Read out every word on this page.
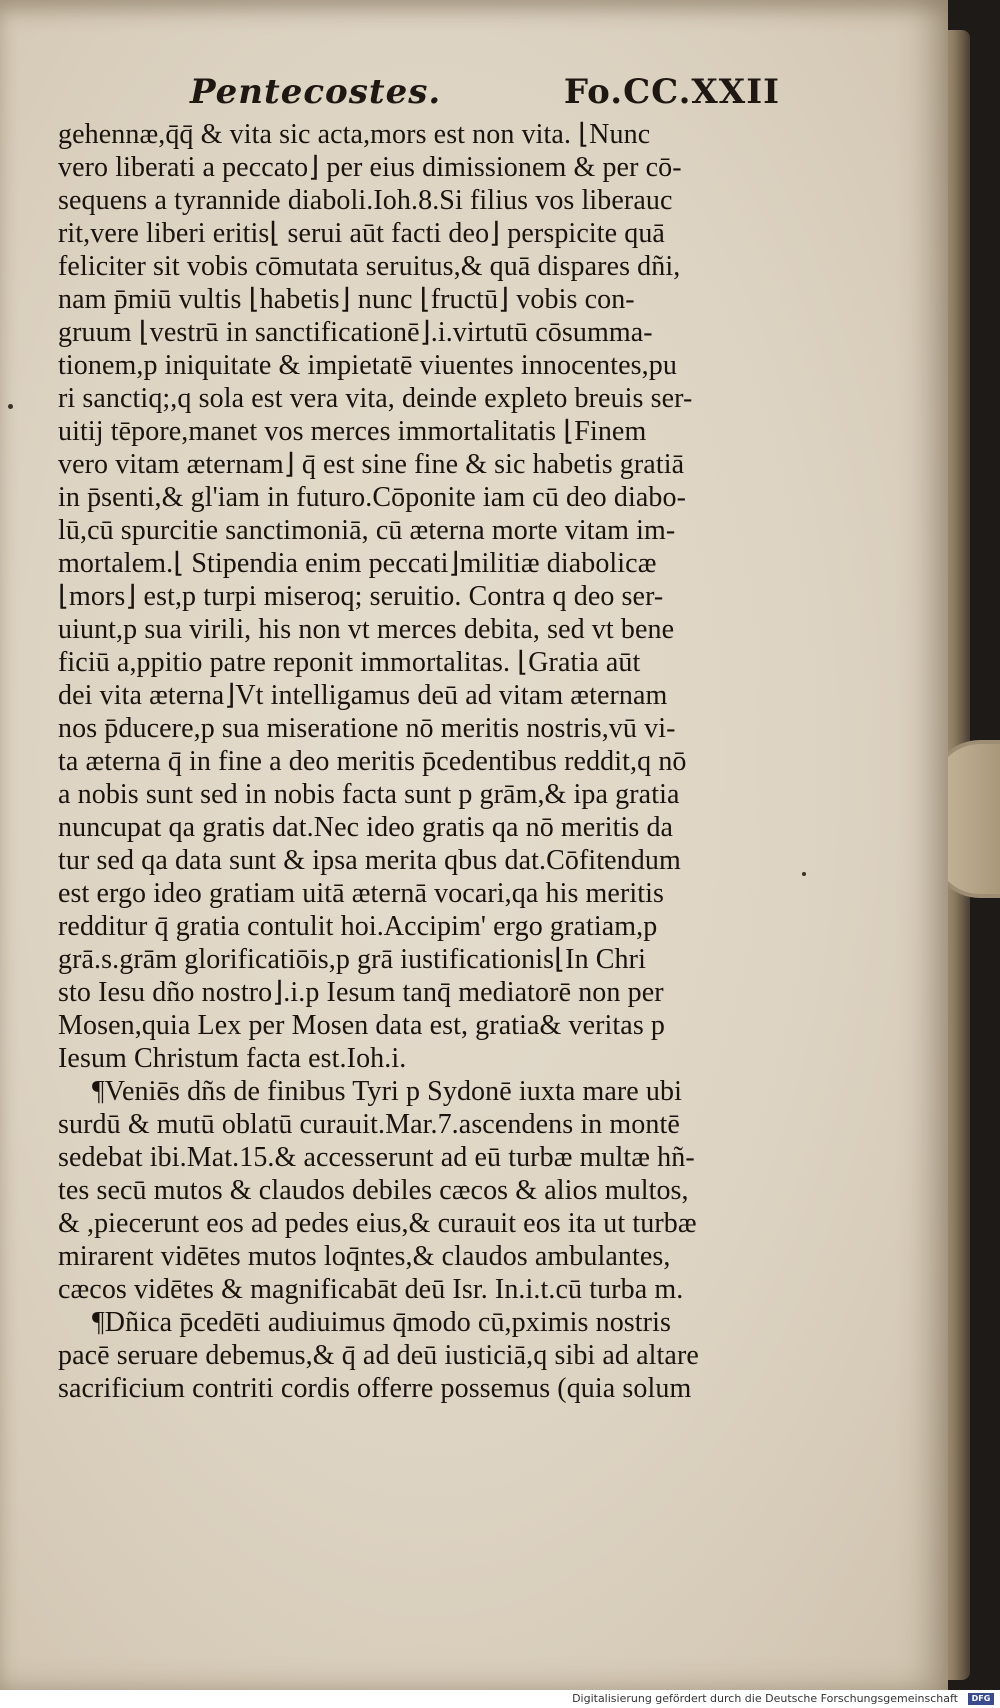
Pentecostes.	Fo.CC.XXII
gehennæ,q̄q̄ & vita sic acta,mors est non vita. ⌊Nunc
vero liberati a peccato⌋ per eius dimissionem & per cō-
sequens a tyrannide diaboli.Ioh.8.Si filius vos liberauc
rit,vere liberi eritis⌊ serui aūt facti deo⌋ perspicite quā
feliciter sit vobis cōmutata seruitus,& quā dispares dñi,
nam p̄miū vultis ⌊habetis⌋ nunc ⌊fructū⌋ vobis con-
gruum ⌊vestrū in sanctificationē⌋.i.virtutū cōsumma-
tionem,p iniquitate & impietatē viuentes innocentes,pu
ri sanctiq;,q sola est vera vita, deinde expleto breuis ser-
uitij tēpore,manet vos merces immortalitatis ⌊Finem
vero vitam æternam⌋ q̄ est sine fine & sic habetis gratiā
in p̄senti,& gl'iam in futuro.Cōponite iam cū deo diabo-
lū,cū spurcitie sanctimoniā, cū æterna morte vitam im-
mortalem.⌊ Stipendia enim peccati⌋militiæ diabolicæ
⌊mors⌋ est,p turpi miseroq; seruitio. Contra q deo ser-
uiunt,p sua virili, his non vt merces debita, sed vt bene
ficiū a,ppitio patre reponit immortalitas. ⌊Gratia aūt
dei vita æterna⌋Vt intelligamus deū ad vitam æternam
nos p̄ducere,p sua miseratione nō meritis nostris,vū vi-
ta æterna q̄ in fine a deo meritis p̄cedentibus reddit,q nō
a nobis sunt sed in nobis facta sunt p grām,& ipa gratia
nuncupat qa gratis dat.Nec ideo gratis qa nō meritis da
tur sed qa data sunt & ipsa merita qbus dat.Cōfitendum
est ergo ideo gratiam uitā æternā vocari,qa his meritis
redditur q̄ gratia contulit hoi.Accipim' ergo gratiam,p
grā.s.grām glorificatiōis,p grā iustificationis⌊In Chri
sto Iesu dño nostro⌋.i.p Iesum tanq̄ mediatorē non per
Mosen,quia Lex per Mosen data est, gratia& veritas p
Iesum Christum facta est.Ioh.i.
¶Veniēs dñs de finibus Tyri p Sydonē iuxta mare ubi
surdū & mutū oblatū curauit.Mar.7.ascendens in montē
sedebat ibi.Mat.15.& accesserunt ad eū turbæ multæ hñ-
tes secū mutos & claudos debiles cæcos & alios multos,
& ,piecerunt eos ad pedes eius,& curauit eos ita ut turbæ
mirarent vidētes mutos loq̄ntes,& claudos ambulantes,
cæcos vidētes & magnificabāt deū Isr. In.i.t.cū turba m.
¶Dñica p̄cedēti audiuimus q̄modo cū,pximis nostris
pacē seruare debemus,& q̄ ad deū iusticiā,q sibi ad altare
sacrificium contriti cordis offerre possemus (quia solum
Digitalisierung gefördert durch die Deutsche Forschungsgemeinschaft DFG
